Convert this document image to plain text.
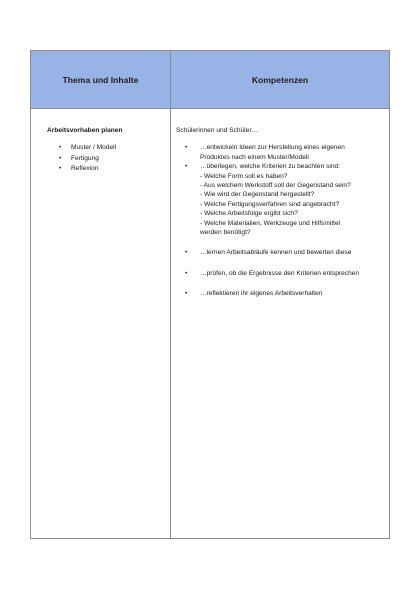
Thema und Inhalte	Kompetenzen

Arbeitsvorhaben planen

• Muster / Modell
• Fertigung
• Reflexion

Schülerinnen und Schüler…

• …entwickeln Ideen zur Herstellung eines eigenen
Produktes nach einem Muster/Modell
• …überlegen, welche Kriterien zu beachten sind:
- Welche Form soll es haben?
- Aus welchem Werkstoff soll der Gegenstand sein?
- Wie wird der Gegenstand hergestellt?
- Welche Fertigungsverfahren sind angebracht?
- Welche Arbeitsfolge ergibt sich?
- Welche Materialien, Werkzeuge und Hilfsmittel
werden benötigt?
• …lernen Arbeitsabläufe kennen und bewerten diese
• …prüfen, ob die Ergebnisse den Kriterien entsprechen
• …reflektieren ihr eigenes Arbeitsverhalten
